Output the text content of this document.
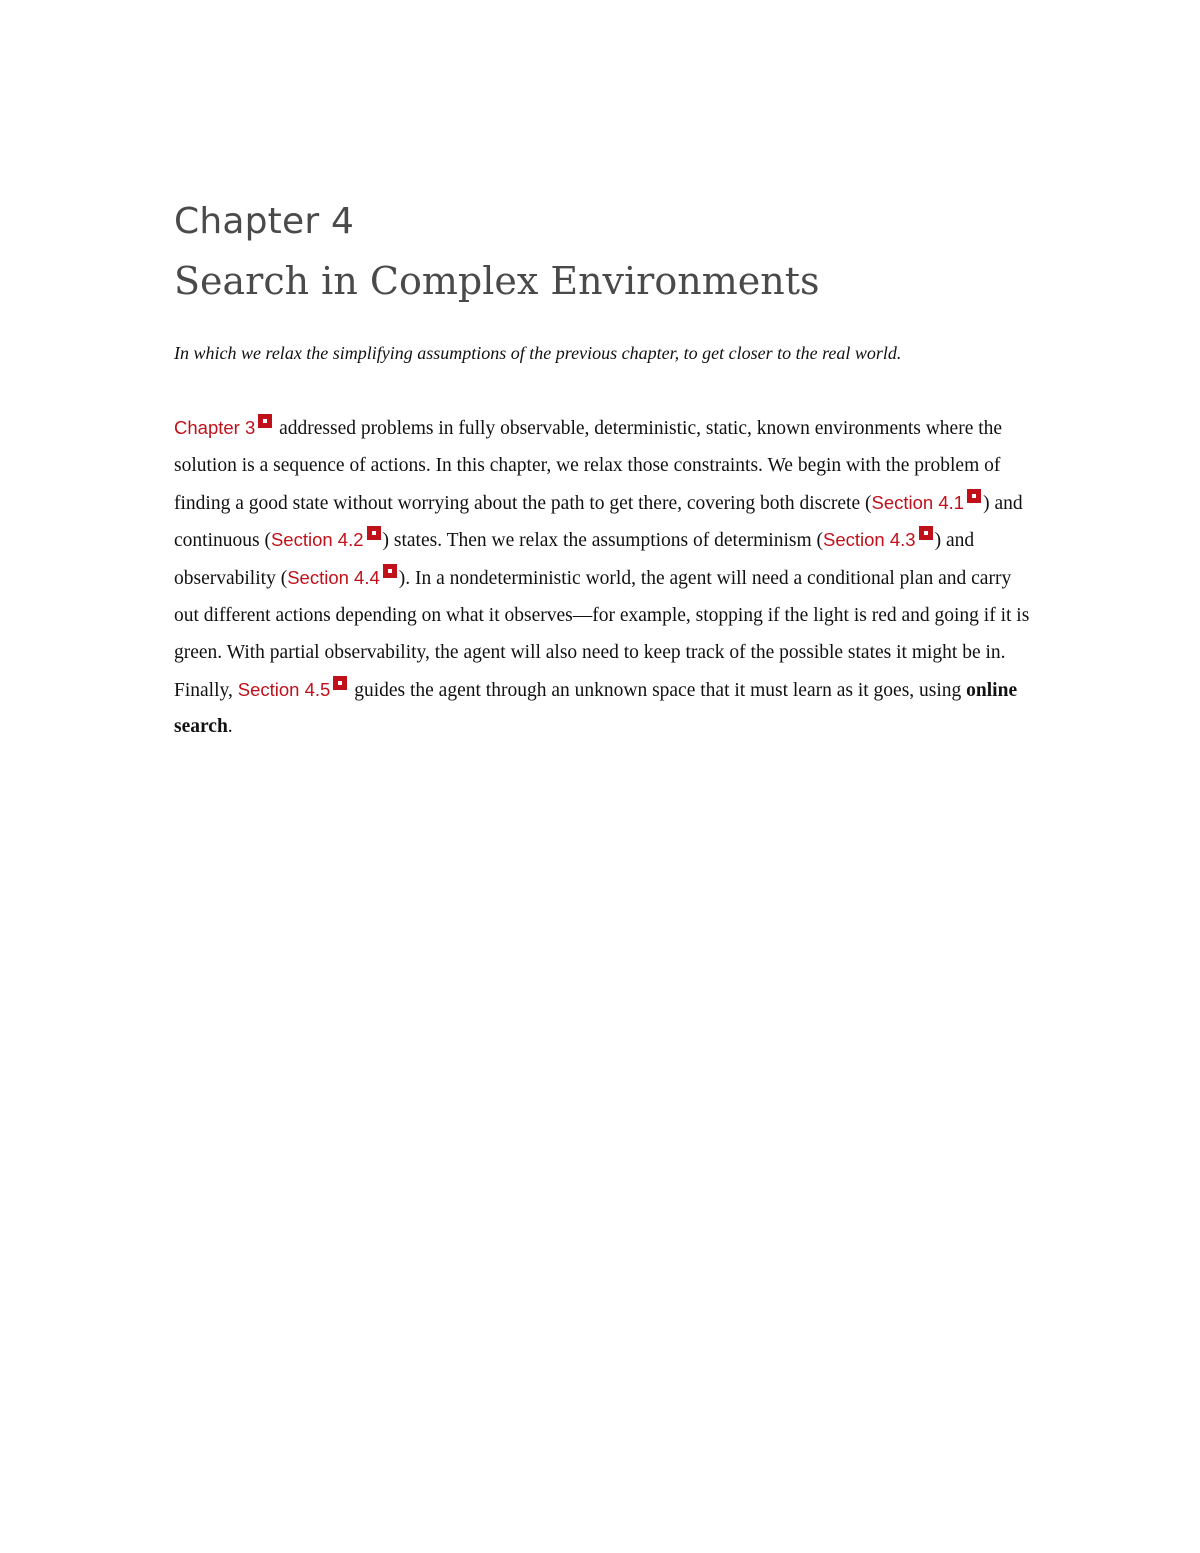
Chapter 4
Search in Complex Environments

In which we relax the simplifying assumptions of the previous chapter, to get closer to the real world.

Chapter 3 addressed problems in fully observable, deterministic, static, known environments where the solution is a sequence of actions. In this chapter, we relax those constraints. We begin with the problem of finding a good state without worrying about the path to get there, covering both discrete (Section 4.1 ) and continuous (Section 4.2 ) states. Then we relax the assumptions of determinism (Section 4.3 ) and observability (Section 4.4 ). In a nondeterministic world, the agent will need a conditional plan and carry out different actions depending on what it observes—for example, stopping if the light is red and going if it is green. With partial observability, the agent will also need to keep track of the possible states it might be in. Finally, Section 4.5 guides the agent through an unknown space that it must learn as it goes, using online search.
